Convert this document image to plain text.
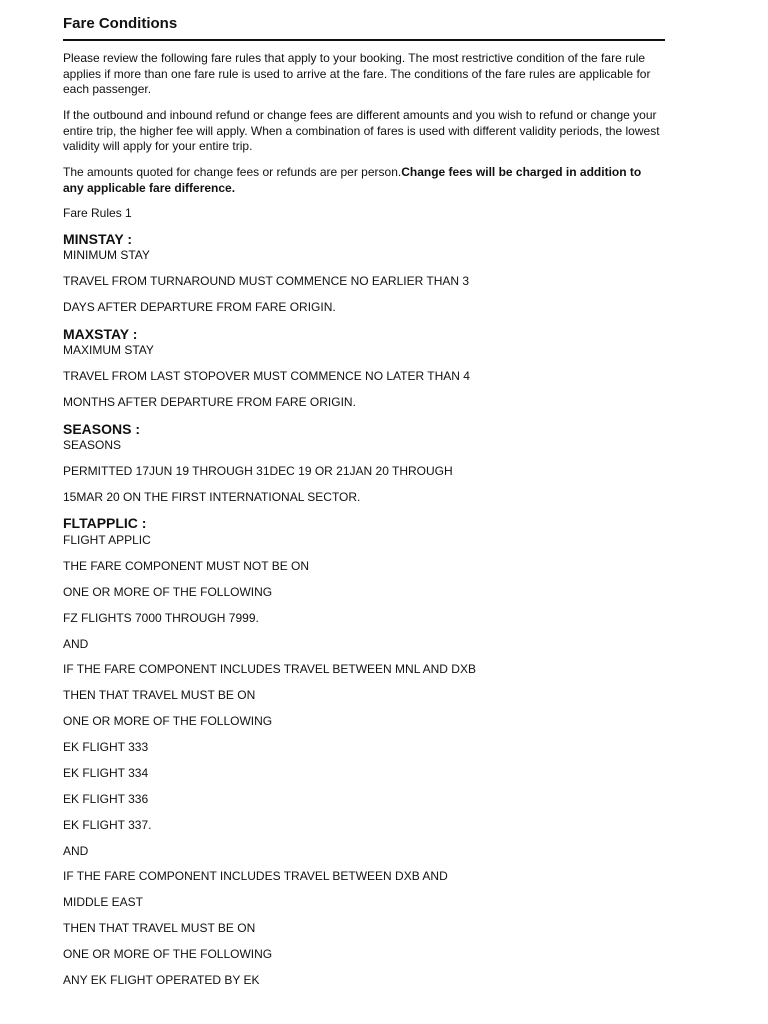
Fare Conditions

Please review the following fare rules that apply to your booking. The most restrictive condition of the fare rule applies if more than one fare rule is used to arrive at the fare. The conditions of the fare rules are applicable for each passenger.

If the outbound and inbound refund or change fees are different amounts and you wish to refund or change your entire trip, the higher fee will apply. When a combination of fares is used with different validity periods, the lowest validity will apply for your entire trip.

The amounts quoted for change fees or refunds are per person.Change fees will be charged in addition to any applicable fare difference.

Fare Rules 1

MINSTAY :

MINIMUM STAY

TRAVEL FROM TURNAROUND MUST COMMENCE NO EARLIER THAN 3

DAYS AFTER DEPARTURE FROM FARE ORIGIN.

MAXSTAY :

MAXIMUM STAY

TRAVEL FROM LAST STOPOVER MUST COMMENCE NO LATER THAN 4

MONTHS AFTER DEPARTURE FROM FARE ORIGIN.

SEASONS :

SEASONS

PERMITTED 17JUN 19 THROUGH 31DEC 19 OR 21JAN 20 THROUGH

15MAR 20 ON THE FIRST INTERNATIONAL SECTOR.

FLTAPPLIC :

FLIGHT APPLIC

THE FARE COMPONENT MUST NOT BE ON

ONE OR MORE OF THE FOLLOWING

FZ FLIGHTS 7000 THROUGH 7999.

AND

IF THE FARE COMPONENT INCLUDES TRAVEL BETWEEN MNL AND DXB

THEN THAT TRAVEL MUST BE ON

ONE OR MORE OF THE FOLLOWING

EK FLIGHT 333

EK FLIGHT 334

EK FLIGHT 336

EK FLIGHT 337.

AND

IF THE FARE COMPONENT INCLUDES TRAVEL BETWEEN DXB AND

MIDDLE EAST

THEN THAT TRAVEL MUST BE ON

ONE OR MORE OF THE FOLLOWING

ANY EK FLIGHT OPERATED BY EK
